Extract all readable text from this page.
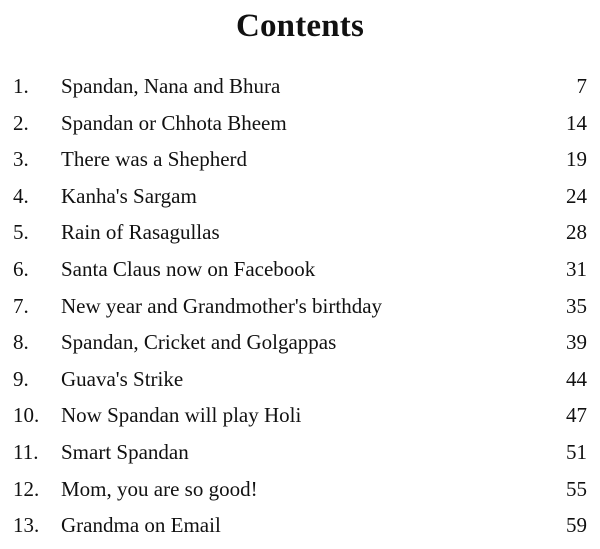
Contents
1. Spandan, Nana and Bhura	7
2. Spandan or Chhota Bheem	14
3. There was a Shepherd	19
4. Kanha's Sargam	24
5. Rain of Rasagullas	28
6. Santa Claus now on Facebook	31
7. New year and Grandmother's birthday	35
8. Spandan, Cricket and Golgappas	39
9. Guava's Strike	44
10. Now Spandan will play Holi	47
11. Smart Spandan	51
12. Mom, you are so good!	55
13. Grandma on Email	59
